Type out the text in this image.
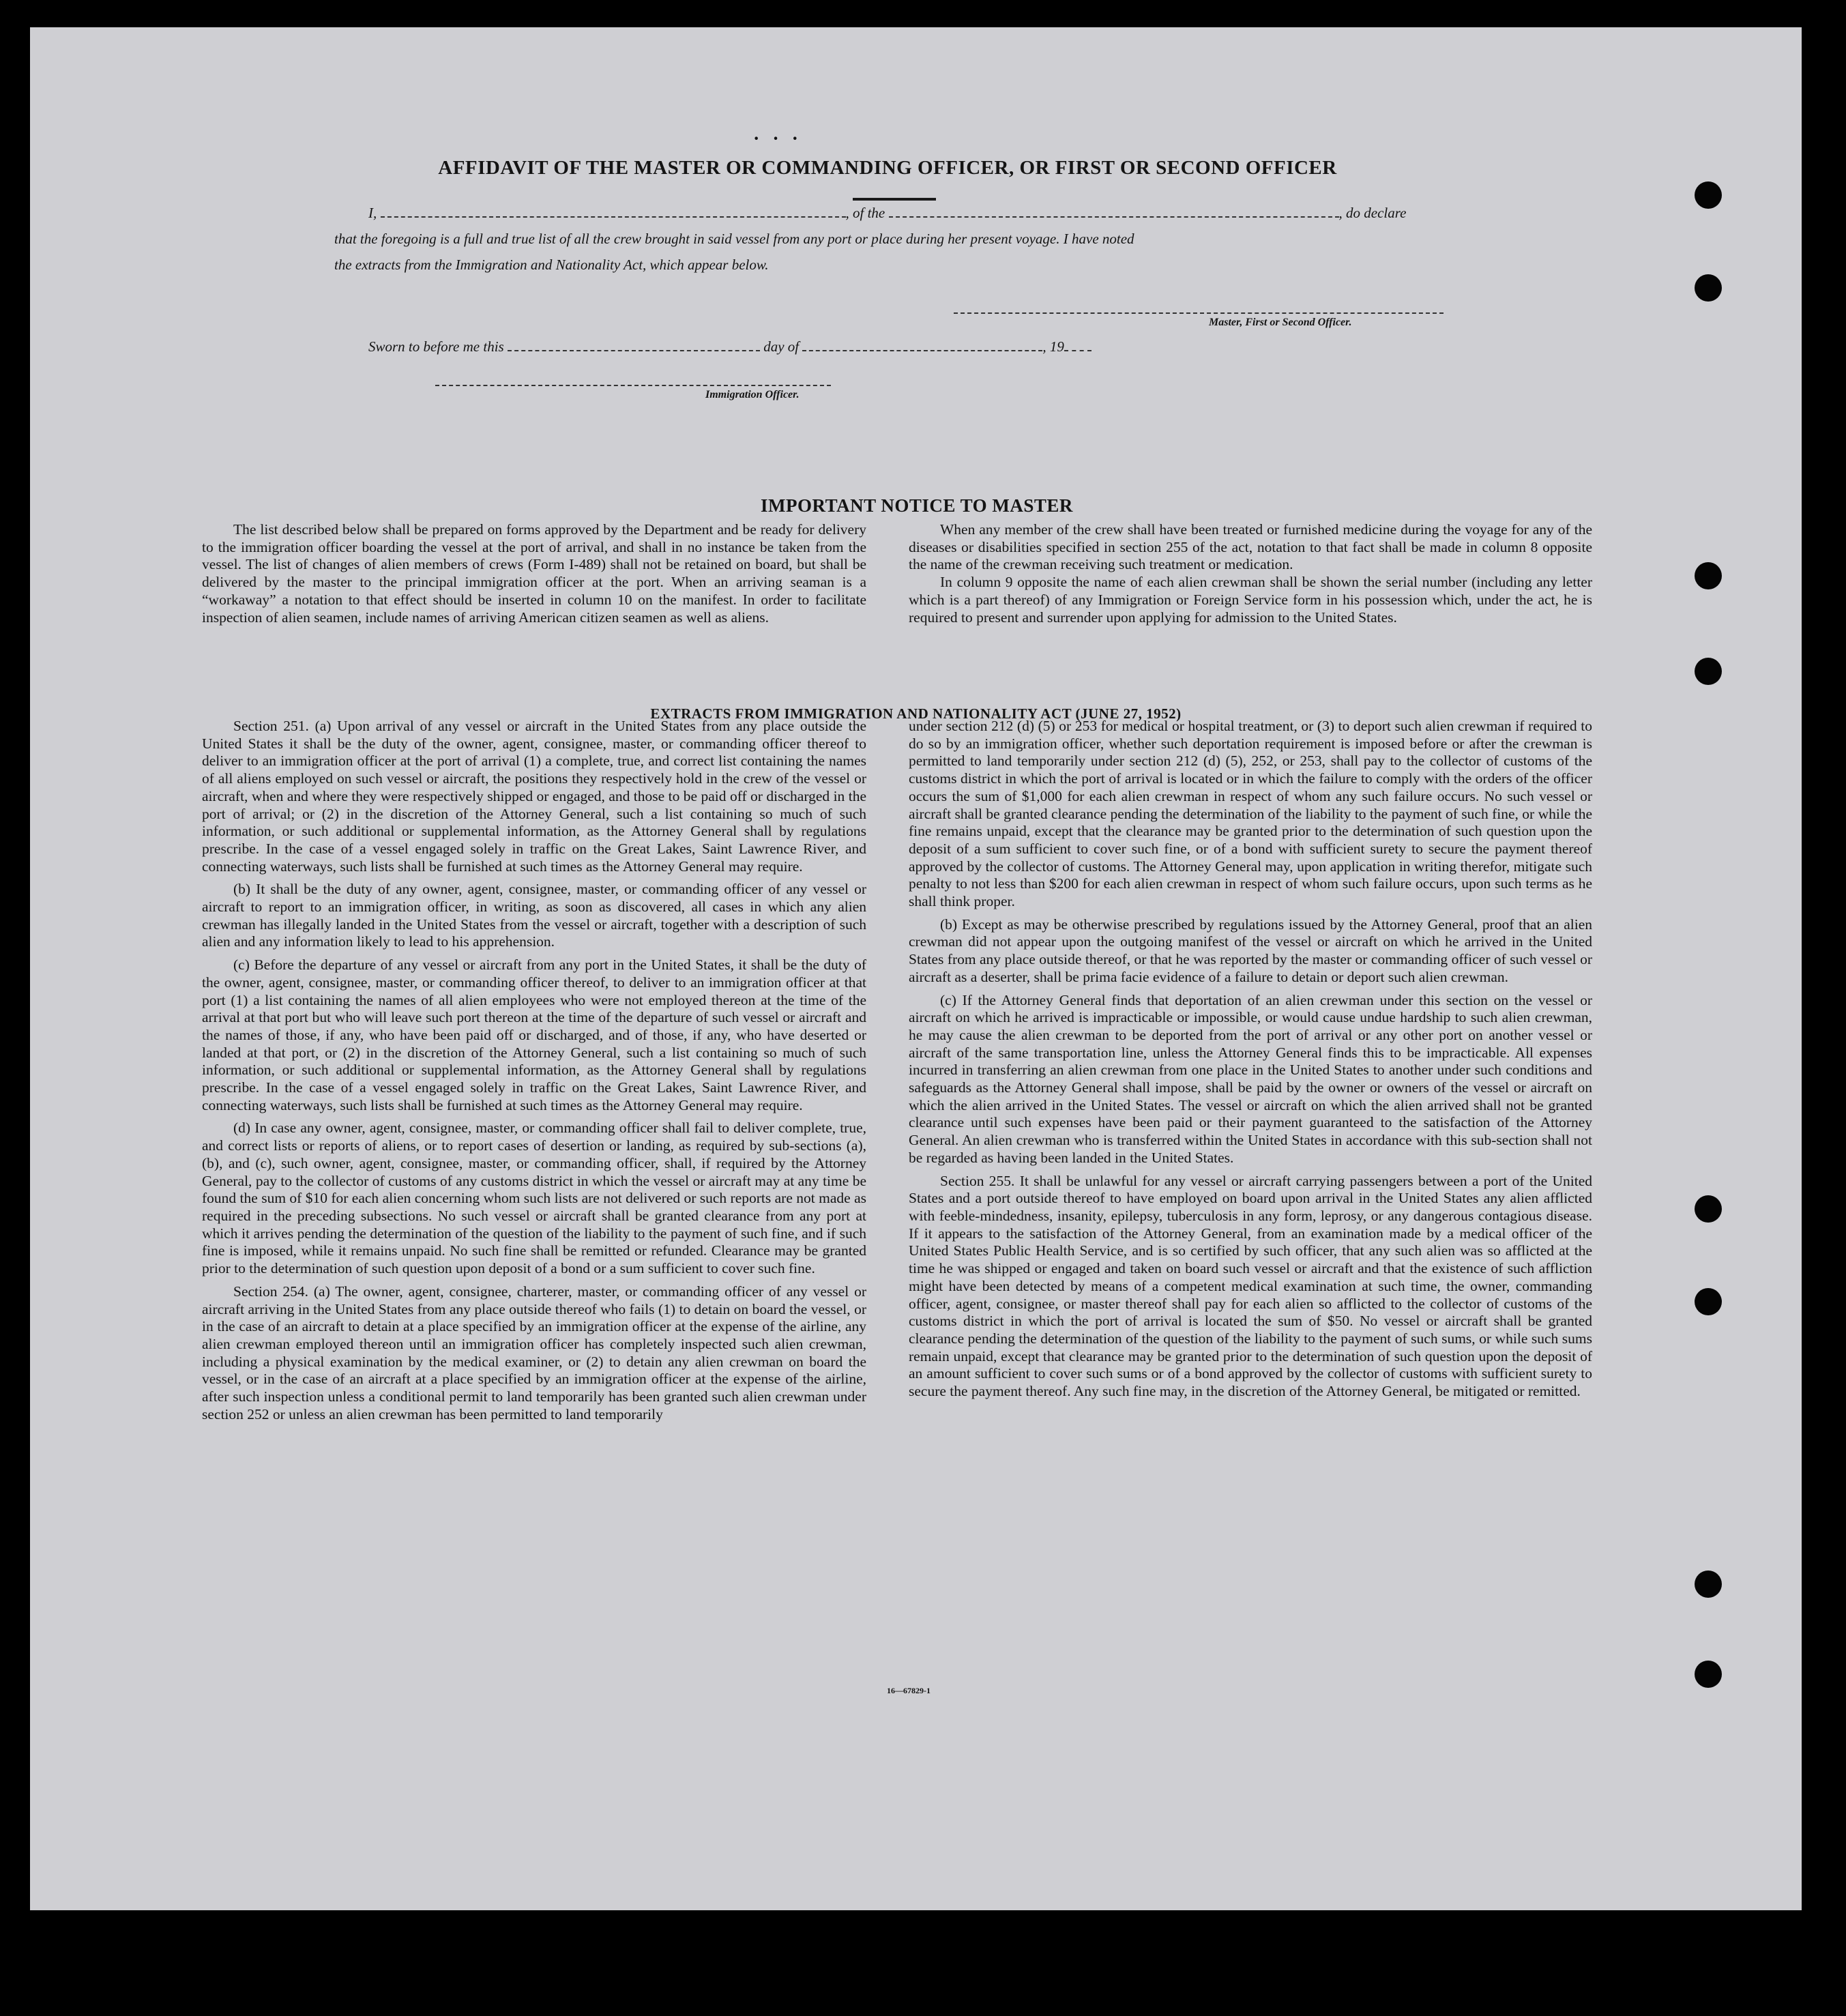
· · ·
AFFIDAVIT OF THE MASTER OR COMMANDING OFFICER, OR FIRST OR SECOND OFFICER
I,	, of the	, do declare
that the foregoing is a full and true list of all the crew brought in said vessel from any port or place during her present voyage. I have noted
the extracts from the Immigration and Nationality Act, which appear below.
Master, First or Second Officer.
Sworn to before me this	day of	, 19
Immigration Officer.
IMPORTANT NOTICE TO MASTER

The list described below shall be prepared on forms approved by the Department and be ready for delivery to the immigration officer boarding the vessel at the port of arrival, and shall in no instance be taken from the vessel. The list of changes of alien members of crews (Form I-489) shall not be retained on board, but shall be delivered by the master to the principal immigration officer at the port. When an arriving seaman is a “workaway” a notation to that effect should be inserted in column 10 on the manifest. In order to facilitate inspection of alien seamen, include names of arriving American citizen seamen as well as aliens.

When any member of the crew shall have been treated or furnished medicine during the voyage for any of the diseases or disabilities specified in section 255 of the act, notation to that fact shall be made in column 8 opposite the name of the crewman receiving such treatment or medication.

In column 9 opposite the name of each alien crewman shall be shown the serial number (including any letter which is a part thereof) of any Immigration or Foreign Service form in his possession which, under the act, he is required to present and surrender upon applying for admission to the United States.

EXTRACTS FROM IMMIGRATION AND NATIONALITY ACT (JUNE 27, 1952)

Section 251. (a) Upon arrival of any vessel or aircraft in the United States from any place outside the United States it shall be the duty of the owner, agent, consignee, master, or commanding officer thereof to deliver to an immigration officer at the port of arrival (1) a complete, true, and correct list containing the names of all aliens employed on such vessel or aircraft, the positions they respectively hold in the crew of the vessel or aircraft, when and where they were respectively shipped or engaged, and those to be paid off or discharged in the port of arrival; or (2) in the discretion of the Attorney General, such a list containing so much of such information, or such additional or supplemental information, as the Attorney General shall by regulations prescribe. In the case of a vessel engaged solely in traffic on the Great Lakes, Saint Lawrence River, and connecting waterways, such lists shall be furnished at such times as the Attorney General may require.

(b) It shall be the duty of any owner, agent, consignee, master, or commanding officer of any vessel or aircraft to report to an immigration officer, in writing, as soon as discovered, all cases in which any alien crewman has illegally landed in the United States from the vessel or aircraft, together with a description of such alien and any information likely to lead to his apprehension.

(c) Before the departure of any vessel or aircraft from any port in the United States, it shall be the duty of the owner, agent, consignee, master, or commanding officer thereof, to deliver to an immigration officer at that port (1) a list containing the names of all alien employees who were not employed thereon at the time of the arrival at that port but who will leave such port thereon at the time of the departure of such vessel or aircraft and the names of those, if any, who have been paid off or discharged, and of those, if any, who have deserted or landed at that port, or (2) in the discretion of the Attorney General, such a list containing so much of such information, or such additional or supplemental information, as the Attorney General shall by regulations prescribe. In the case of a vessel engaged solely in traffic on the Great Lakes, Saint Lawrence River, and connecting waterways, such lists shall be furnished at such times as the Attorney General may require.

(d) In case any owner, agent, consignee, master, or commanding officer shall fail to deliver complete, true, and correct lists or reports of aliens, or to report cases of desertion or landing, as required by sub-sections (a), (b), and (c), such owner, agent, consignee, master, or commanding officer, shall, if required by the Attorney General, pay to the collector of customs of any customs district in which the vessel or aircraft may at any time be found the sum of $10 for each alien concerning whom such lists are not delivered or such reports are not made as required in the preceding subsections. No such vessel or aircraft shall be granted clearance from any port at which it arrives pending the determination of the question of the liability to the payment of such fine, and if such fine is imposed, while it remains unpaid. No such fine shall be remitted or refunded. Clearance may be granted prior to the determination of such question upon deposit of a bond or a sum sufficient to cover such fine.

Section 254. (a) The owner, agent, consignee, charterer, master, or commanding officer of any vessel or aircraft arriving in the United States from any place outside thereof who fails (1) to detain on board the vessel, or in the case of an aircraft to detain at a place specified by an immigration officer at the expense of the airline, any alien crewman employed thereon until an immigration officer has completely inspected such alien crewman, including a physical examination by the medical examiner, or (2) to detain any alien crewman on board the vessel, or in the case of an aircraft at a place specified by an immigration officer at the expense of the airline, after such inspection unless a conditional permit to land temporarily has been granted such alien crewman under section 252 or unless an alien crewman has been permitted to land temporarily

under section 212 (d) (5) or 253 for medical or hospital treatment, or (3) to deport such alien crewman if required to do so by an immigration officer, whether such deportation requirement is imposed before or after the crewman is permitted to land temporarily under section 212 (d) (5), 252, or 253, shall pay to the collector of customs of the customs district in which the port of arrival is located or in which the failure to comply with the orders of the officer occurs the sum of $1,000 for each alien crewman in respect of whom any such failure occurs. No such vessel or aircraft shall be granted clearance pending the determination of the liability to the payment of such fine, or while the fine remains unpaid, except that the clearance may be granted prior to the determination of such question upon the deposit of a sum sufficient to cover such fine, or of a bond with sufficient surety to secure the payment thereof approved by the collector of customs. The Attorney General may, upon application in writing therefor, mitigate such penalty to not less than $200 for each alien crewman in respect of whom such failure occurs, upon such terms as he shall think proper.

(b) Except as may be otherwise prescribed by regulations issued by the Attorney General, proof that an alien crewman did not appear upon the outgoing manifest of the vessel or aircraft on which he arrived in the United States from any place outside thereof, or that he was reported by the master or commanding officer of such vessel or aircraft as a deserter, shall be prima facie evidence of a failure to detain or deport such alien crewman.

(c) If the Attorney General finds that deportation of an alien crewman under this section on the vessel or aircraft on which he arrived is impracticable or impossible, or would cause undue hardship to such alien crewman, he may cause the alien crewman to be deported from the port of arrival or any other port on another vessel or aircraft of the same transportation line, unless the Attorney General finds this to be impracticable. All expenses incurred in transferring an alien crewman from one place in the United States to another under such conditions and safeguards as the Attorney General shall impose, shall be paid by the owner or owners of the vessel or aircraft on which the alien arrived in the United States. The vessel or aircraft on which the alien arrived shall not be granted clearance until such expenses have been paid or their payment guaranteed to the satisfaction of the Attorney General. An alien crewman who is transferred within the United States in accordance with this sub-section shall not be regarded as having been landed in the United States.

Section 255. It shall be unlawful for any vessel or aircraft carrying passengers between a port of the United States and a port outside thereof to have employed on board upon arrival in the United States any alien afflicted with feeble-mindedness, insanity, epilepsy, tuberculosis in any form, leprosy, or any dangerous contagious disease. If it appears to the satisfaction of the Attorney General, from an examination made by a medical officer of the United States Public Health Service, and is so certified by such officer, that any such alien was so afflicted at the time he was shipped or engaged and taken on board such vessel or aircraft and that the existence of such affliction might have been detected by means of a competent medical examination at such time, the owner, commanding officer, agent, consignee, or master thereof shall pay for each alien so afflicted to the collector of customs of the customs district in which the port of arrival is located the sum of $50. No vessel or aircraft shall be granted clearance pending the determination of the question of the liability to the payment of such sums, or while such sums remain unpaid, except that clearance may be granted prior to the determination of such question upon the deposit of an amount sufficient to cover such sums or of a bond approved by the collector of customs with sufficient surety to secure the payment thereof. Any such fine may, in the discretion of the Attorney General, be mitigated or remitted.

16—67829-1
